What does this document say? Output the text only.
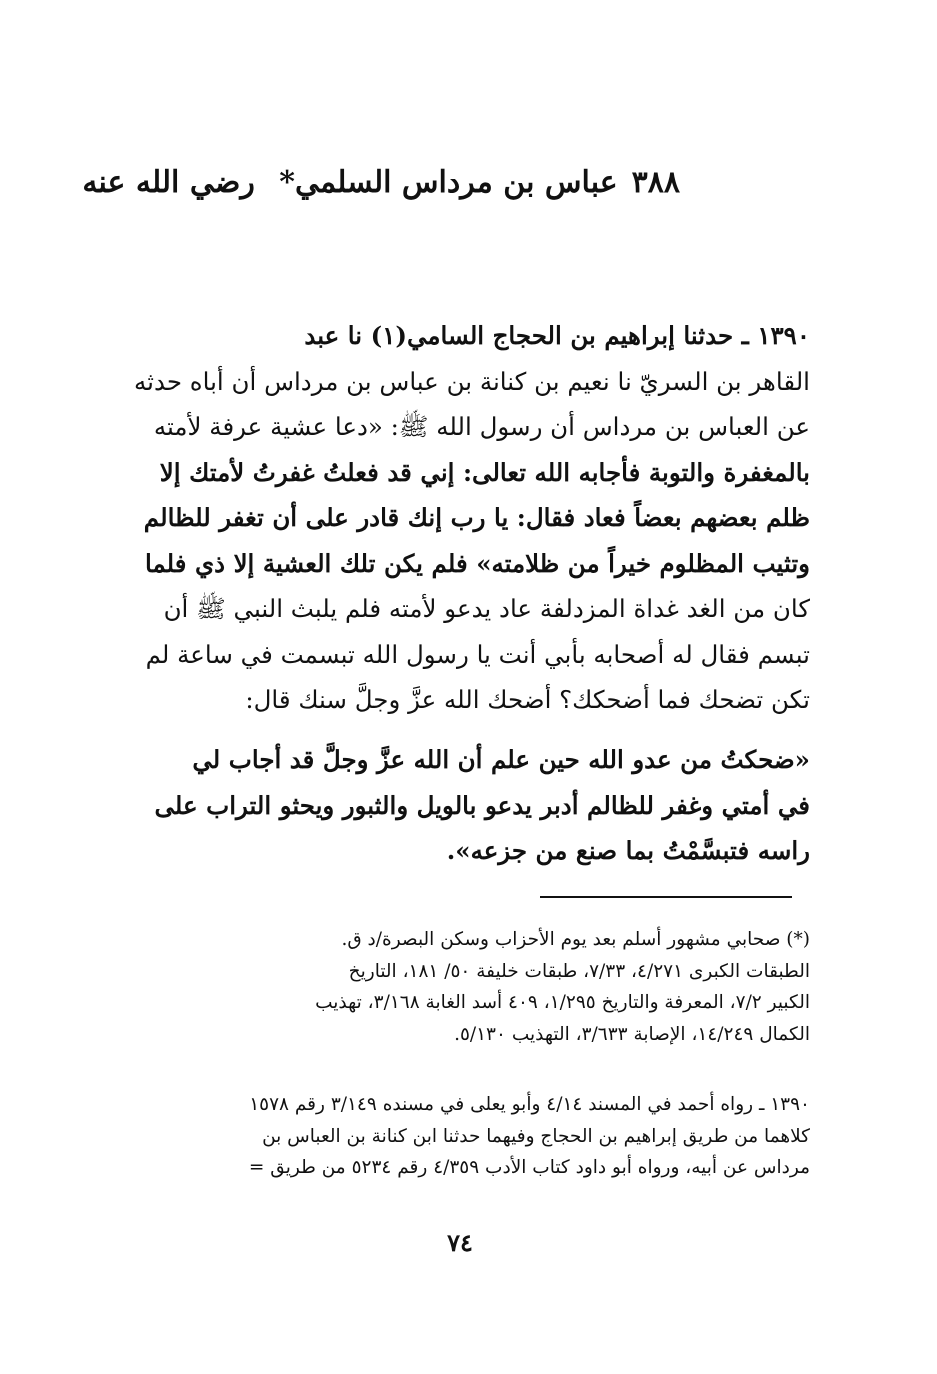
٣٨٨عباس بن مرداس السلمي* رضي الله عنه
١٣٩٠ ـ حدثنا إبراهيم بن الحجاج السامي(١) نا عبد
القاهر بن السريّ نا نعيم بن كنانة بن عباس بن مرداس أن أباه حدثه
عن العباس بن مرداس أن رسول الله ﷺ: «دعا عشية عرفة لأمته
بالمغفرة والتوبة فأجابه الله تعالى: إني قد فعلتُ غفرتُ لأمتك إلا
ظلم بعضهم بعضاً فعاد فقال: يا رب إنك قادر على أن تغفر للظالم
وتثيب المظلوم خيراً من ظلامته» فلم يكن تلك العشية إلا ذي فلما
كان من الغد غداة المزدلفة عاد يدعو لأمته فلم يلبث النبي ﷺ أن
تبسم فقال له أصحابه بأبي أنت يا رسول الله تبسمت في ساعة لم
تكن تضحك فما أضحكك؟ أضحك الله عزَّ وجلَّ سنك قال:
«ضحكتُ من عدو الله حين علم أن الله عزَّ وجلَّ قد أجاب لي
في أمتي وغفر للظالم أدبر يدعو بالويل والثبور ويحثو التراب على
راسه فتبسَّمْتُ بما صنع من جزعه».
(*) صحابي مشهور أسلم بعد يوم الأحزاب وسكن البصرة/د ق.
الطبقات الكبرى ٤/٢٧١، ٧/٣٣، طبقات خليفة ٥٠/ ١٨١، التاريخ
الكبير ٧/٢، المعرفة والتاريخ ١/٢٩٥، ٤٠٩ أسد الغابة ٣/١٦٨، تهذيب
الكمال ١٤/٢٤٩، الإصابة ٣/٦٣٣، التهذيب ٥/١٣٠.
١٣٩٠ ـ رواه أحمد في المسند ٤/١٤ وأبو يعلى في مسنده ٣/١٤٩ رقم ١٥٧٨
كلاهما من طريق إبراهيم بن الحجاج وفيهما حدثنا ابن كنانة بن العباس بن
مرداس عن أبيه، ورواه أبو داود كتاب الأدب ٤/٣٥٩ رقم ٥٢٣٤ من طريق =
٧٤
